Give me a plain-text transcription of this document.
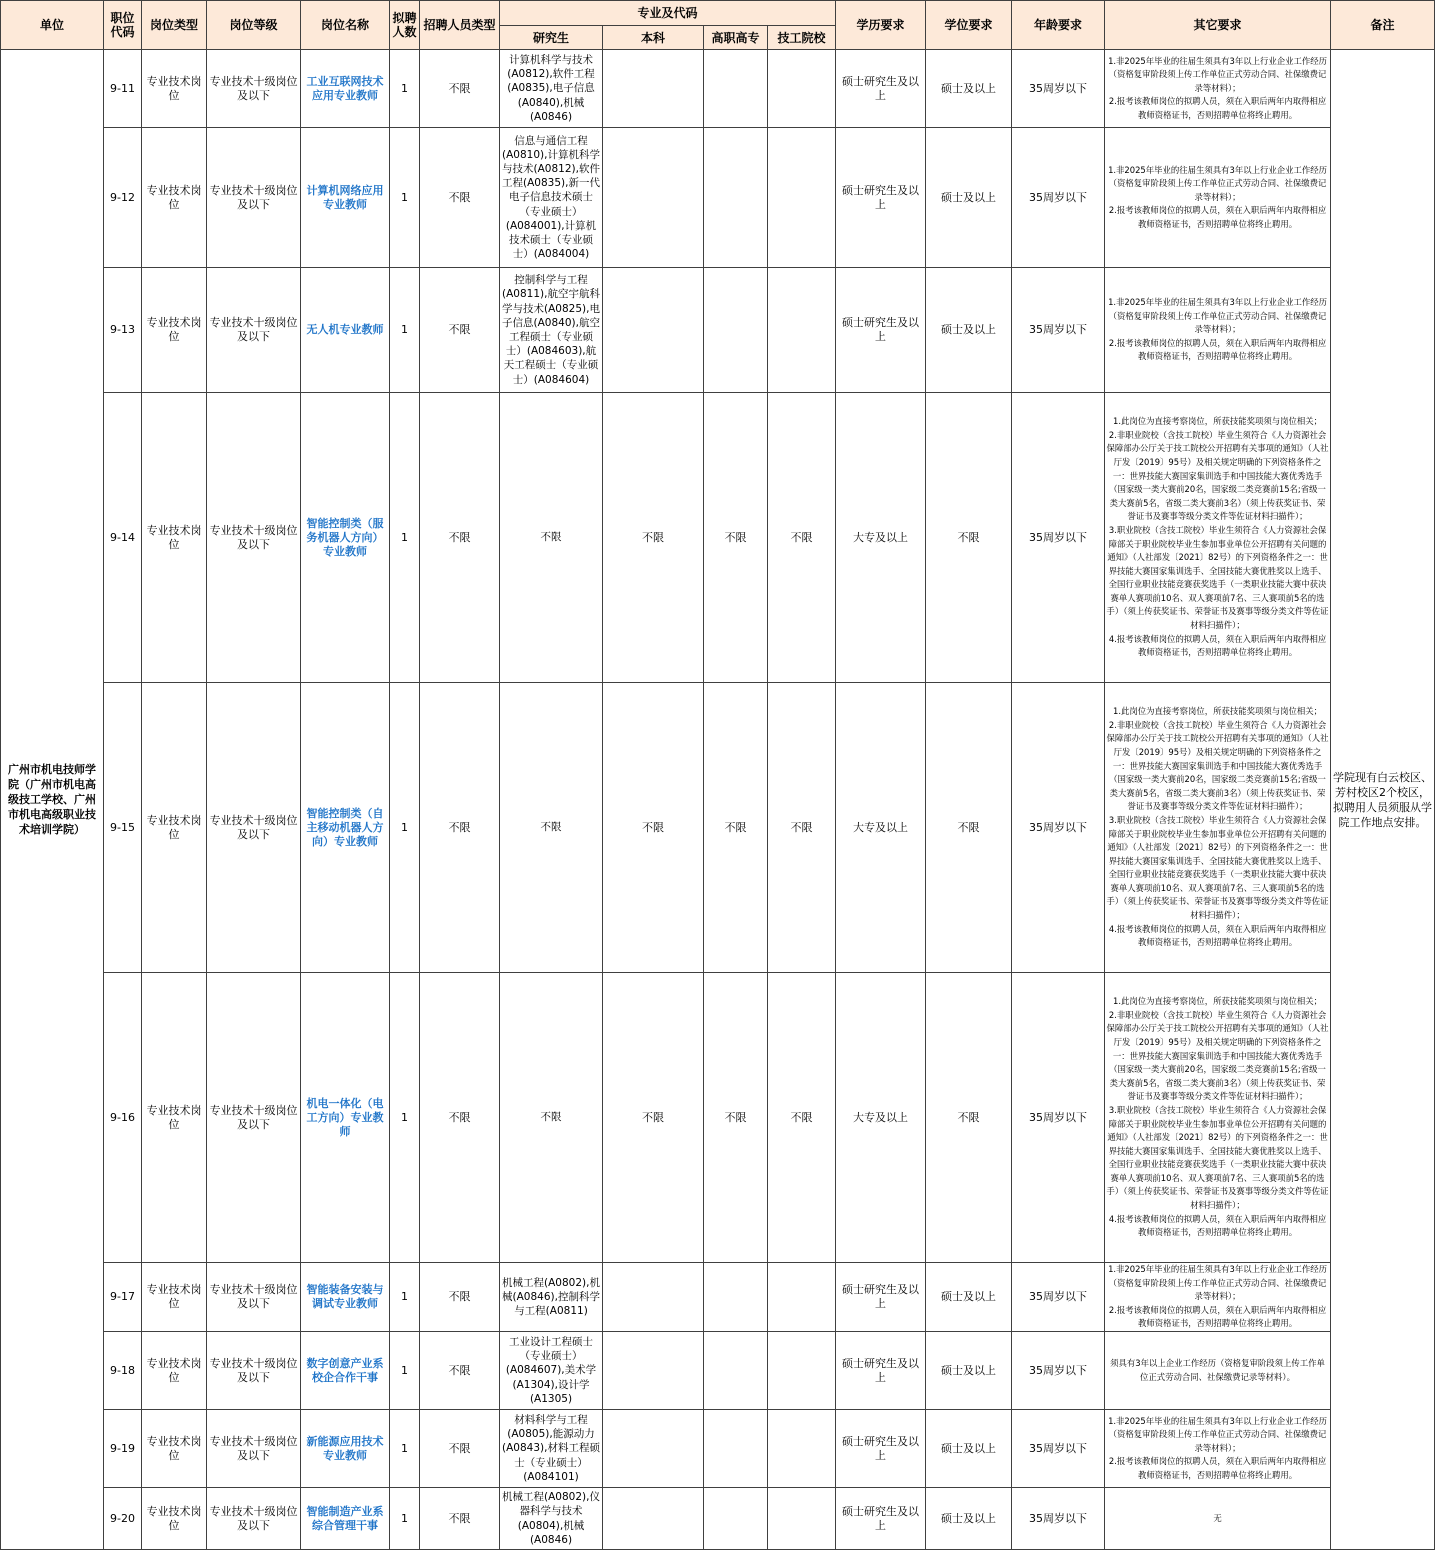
单位	职位
代码	岗位类型	岗位等级	岗位名称	拟聘
人数	招聘人员类型	专业及代码				学历要求	学位要求	年龄要求	其它要求	备注
							研究生	本科	高职高专	技工院校					
广州市机电技师学院（广州市机电高级技工学校、广州市机电高级职业技术培训学院）	9-11	专业技术岗位	专业技术十级岗位及以下	工业互联网技术应用专业教师	1	不限	计算机科学与技术(A0812),软件工程(A0835),电子信息(A0840),机械(A0846)				硕士研究生及以上	硕士及以上	35周岁以下	1.非2025年毕业的往届生须具有3年以上行业企业工作经历（资格复审阶段须上传工作单位正式劳动合同、社保缴费记录等材料）；
2.报考该教师岗位的拟聘人员，须在入职后两年内取得相应教师资格证书，否则招聘单位将终止聘用。	学院现有白云校区、芳村校区2个校区，拟聘用人员须服从学院工作地点安排。
	9-12	专业技术岗位	专业技术十级岗位及以下	计算机网络应用专业教师	1	不限	信息与通信工程(A0810),计算机科学与技术(A0812),软件工程(A0835),新一代电子信息技术硕士（专业硕士）(A084001),计算机技术硕士（专业硕士）(A084004)				硕士研究生及以上	硕士及以上	35周岁以下	1.非2025年毕业的往届生须具有3年以上行业企业工作经历（资格复审阶段须上传工作单位正式劳动合同、社保缴费记录等材料）；
2.报考该教师岗位的拟聘人员，须在入职后两年内取得相应教师资格证书，否则招聘单位将终止聘用。	
	9-13	专业技术岗位	专业技术十级岗位及以下	无人机专业教师	1	不限	控制科学与工程(A0811),航空宇航科学与技术(A0825),电子信息(A0840),航空工程硕士（专业硕士）(A084603),航天工程硕士（专业硕士）(A084604)				硕士研究生及以上	硕士及以上	35周岁以下	1.非2025年毕业的往届生须具有3年以上行业企业工作经历（资格复审阶段须上传工作单位正式劳动合同、社保缴费记录等材料）；
2.报考该教师岗位的拟聘人员，须在入职后两年内取得相应教师资格证书，否则招聘单位将终止聘用。	
	9-14	专业技术岗位	专业技术十级岗位及以下	智能控制类（服务机器人方向）专业教师	1	不限	不限	不限	不限	不限	大专及以上	不限	35周岁以下	1.此岗位为直接考察岗位，所获技能奖项须与岗位相关；
2.非职业院校（含技工院校）毕业生须符合《人力资源社会保障部办公厅关于技工院校公开招聘有关事项的通知》（人社厅发〔2019〕95号）及相关规定明确的下列资格条件之一：世界技能大赛国家集训选手和中国技能大赛优秀选手（国家级一类大赛前20名，国家级二类竞赛前15名;省级一类大赛前5名，省级二类大赛前3名）（须上传获奖证书、荣誉证书及赛事等级分类文件等佐证材料扫描件）；
3.职业院校（含技工院校）毕业生须符合《人力资源社会保障部关于职业院校毕业生参加事业单位公开招聘有关问题的通知》（人社部发〔2021〕82号）的下列资格条件之一：世界技能大赛国家集训选手、全国技能大赛优胜奖以上选手、全国行业职业技能竞赛获奖选手（一类职业技能大赛中获决赛单人赛项前10名、双人赛项前7名、三人赛项前5名的选手）（须上传获奖证书、荣誉证书及赛事等级分类文件等佐证材料扫描件）；
4.报考该教师岗位的拟聘人员，须在入职后两年内取得相应教师资格证书，否则招聘单位将终止聘用。	
	9-15	专业技术岗位	专业技术十级岗位及以下	智能控制类（自主移动机器人方向）专业教师	1	不限	不限	不限	不限	不限	大专及以上	不限	35周岁以下	1.此岗位为直接考察岗位，所获技能奖项须与岗位相关；
2.非职业院校（含技工院校）毕业生须符合《人力资源社会保障部办公厅关于技工院校公开招聘有关事项的通知》（人社厅发〔2019〕95号）及相关规定明确的下列资格条件之一：世界技能大赛国家集训选手和中国技能大赛优秀选手（国家级一类大赛前20名，国家级二类竞赛前15名;省级一类大赛前5名，省级二类大赛前3名）（须上传获奖证书、荣誉证书及赛事等级分类文件等佐证材料扫描件）；
3.职业院校（含技工院校）毕业生须符合《人力资源社会保障部关于职业院校毕业生参加事业单位公开招聘有关问题的通知》（人社部发〔2021〕82号）的下列资格条件之一：世界技能大赛国家集训选手、全国技能大赛优胜奖以上选手、全国行业职业技能竞赛获奖选手（一类职业技能大赛中获决赛单人赛项前10名、双人赛项前7名、三人赛项前5名的选手）（须上传获奖证书、荣誉证书及赛事等级分类文件等佐证材料扫描件）；
4.报考该教师岗位的拟聘人员，须在入职后两年内取得相应教师资格证书，否则招聘单位将终止聘用。	
	9-16	专业技术岗位	专业技术十级岗位及以下	机电一体化（电工方向）专业教师	1	不限	不限	不限	不限	不限	大专及以上	不限	35周岁以下	1.此岗位为直接考察岗位，所获技能奖项须与岗位相关；
2.非职业院校（含技工院校）毕业生须符合《人力资源社会保障部办公厅关于技工院校公开招聘有关事项的通知》（人社厅发〔2019〕95号）及相关规定明确的下列资格条件之一：世界技能大赛国家集训选手和中国技能大赛优秀选手（国家级一类大赛前20名，国家级二类竞赛前15名;省级一类大赛前5名，省级二类大赛前3名）（须上传获奖证书、荣誉证书及赛事等级分类文件等佐证材料扫描件）；
3.职业院校（含技工院校）毕业生须符合《人力资源社会保障部关于职业院校毕业生参加事业单位公开招聘有关问题的通知》（人社部发〔2021〕82号）的下列资格条件之一：世界技能大赛国家集训选手、全国技能大赛优胜奖以上选手、全国行业职业技能竞赛获奖选手（一类职业技能大赛中获决赛单人赛项前10名、双人赛项前7名、三人赛项前5名的选手）（须上传获奖证书、荣誉证书及赛事等级分类文件等佐证材料扫描件）；
4.报考该教师岗位的拟聘人员，须在入职后两年内取得相应教师资格证书，否则招聘单位将终止聘用。	
	9-17	专业技术岗位	专业技术十级岗位及以下	智能装备安装与调试专业教师	1	不限	机械工程(A0802),机械(A0846),控制科学与工程(A0811)				硕士研究生及以上	硕士及以上	35周岁以下	1.非2025年毕业的往届生须具有3年以上行业企业工作经历（资格复审阶段须上传工作单位正式劳动合同、社保缴费记录等材料）；
2.报考该教师岗位的拟聘人员，须在入职后两年内取得相应教师资格证书，否则招聘单位将终止聘用。	
	9-18	专业技术岗位	专业技术十级岗位及以下	数字创意产业系校企合作干事	1	不限	工业设计工程硕士（专业硕士）(A084607),美术学(A1304),设计学(A1305)				硕士研究生及以上	硕士及以上	35周岁以下	须具有3年以上企业工作经历（资格复审阶段须上传工作单位正式劳动合同、社保缴费记录等材料）。	
	9-19	专业技术岗位	专业技术十级岗位及以下	新能源应用技术专业教师	1	不限	材料科学与工程(A0805),能源动力(A0843),材料工程硕士（专业硕士）(A084101)				硕士研究生及以上	硕士及以上	35周岁以下	1.非2025年毕业的往届生须具有3年以上行业企业工作经历（资格复审阶段须上传工作单位正式劳动合同、社保缴费记录等材料）；
2.报考该教师岗位的拟聘人员，须在入职后两年内取得相应教师资格证书，否则招聘单位将终止聘用。	
	9-20	专业技术岗位	专业技术十级岗位及以下	智能制造产业系综合管理干事	1	不限	机械工程(A0802),仪器科学与技术(A0804),机械(A0846)				硕士研究生及以上	硕士及以上	35周岁以下	无	
